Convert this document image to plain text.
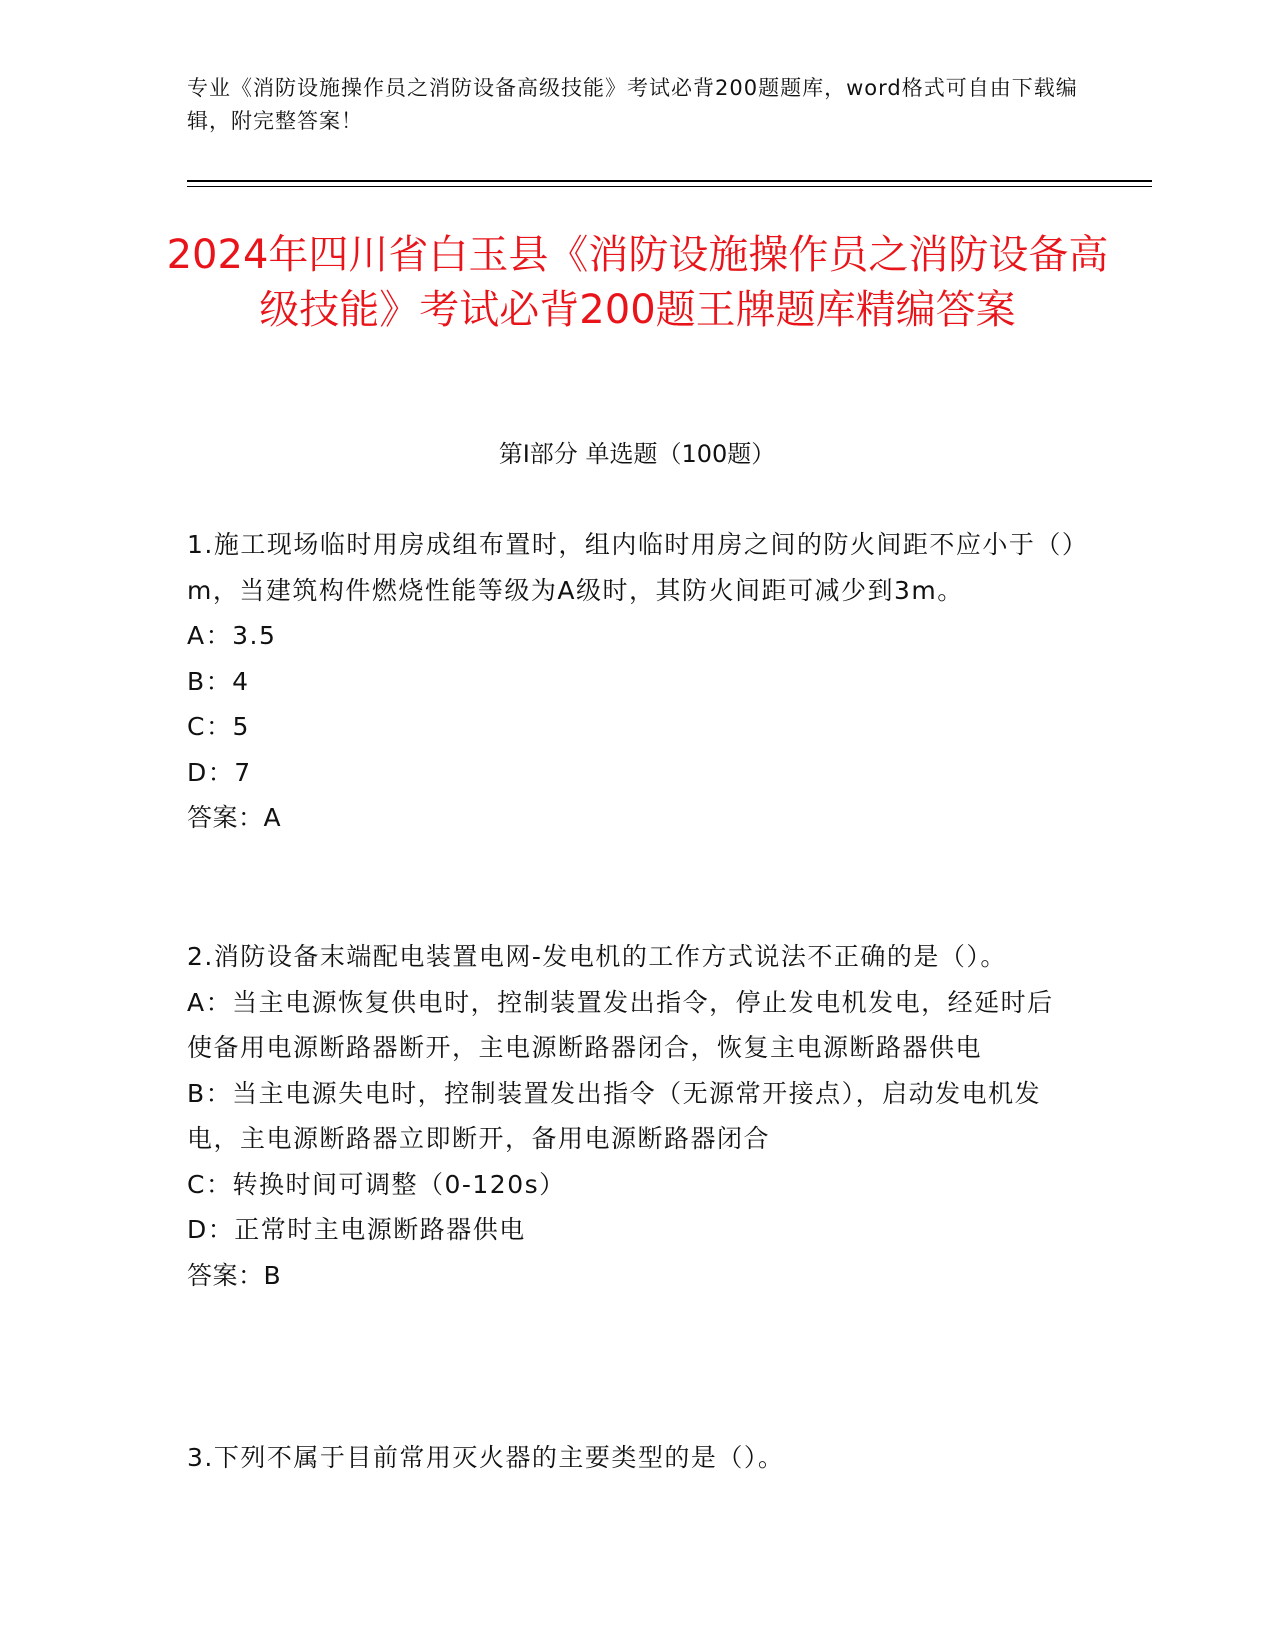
专业《消防设施操作员之消防设备高级技能》考试必背200题题库，word格式可自由下载编辑，附完整答案！
2024年四川省白玉县《消防设施操作员之消防设备高级技能》考试必背200题王牌题库精编答案
第Ⅰ部分 单选题（100题）
1.施工现场临时用房成组布置时，组内临时用房之间的防火间距不应小于（）m，当建筑构件燃烧性能等级为A级时，其防火间距可减少到3m。
A：3.5
B：4
C：5
D：7
答案：A
2.消防设备末端配电装置电网-发电机的工作方式说法不正确的是（）。
A：当主电源恢复供电时，控制装置发出指令，停止发电机发电，经延时后使备用电源断路器断开，主电源断路器闭合，恢复主电源断路器供电
B：当主电源失电时，控制装置发出指令（无源常开接点），启动发电机发电，主电源断路器立即断开，备用电源断路器闭合
C：转换时间可调整（0-120s）
D：正常时主电源断路器供电
答案：B
3.下列不属于目前常用灭火器的主要类型的是（）。
